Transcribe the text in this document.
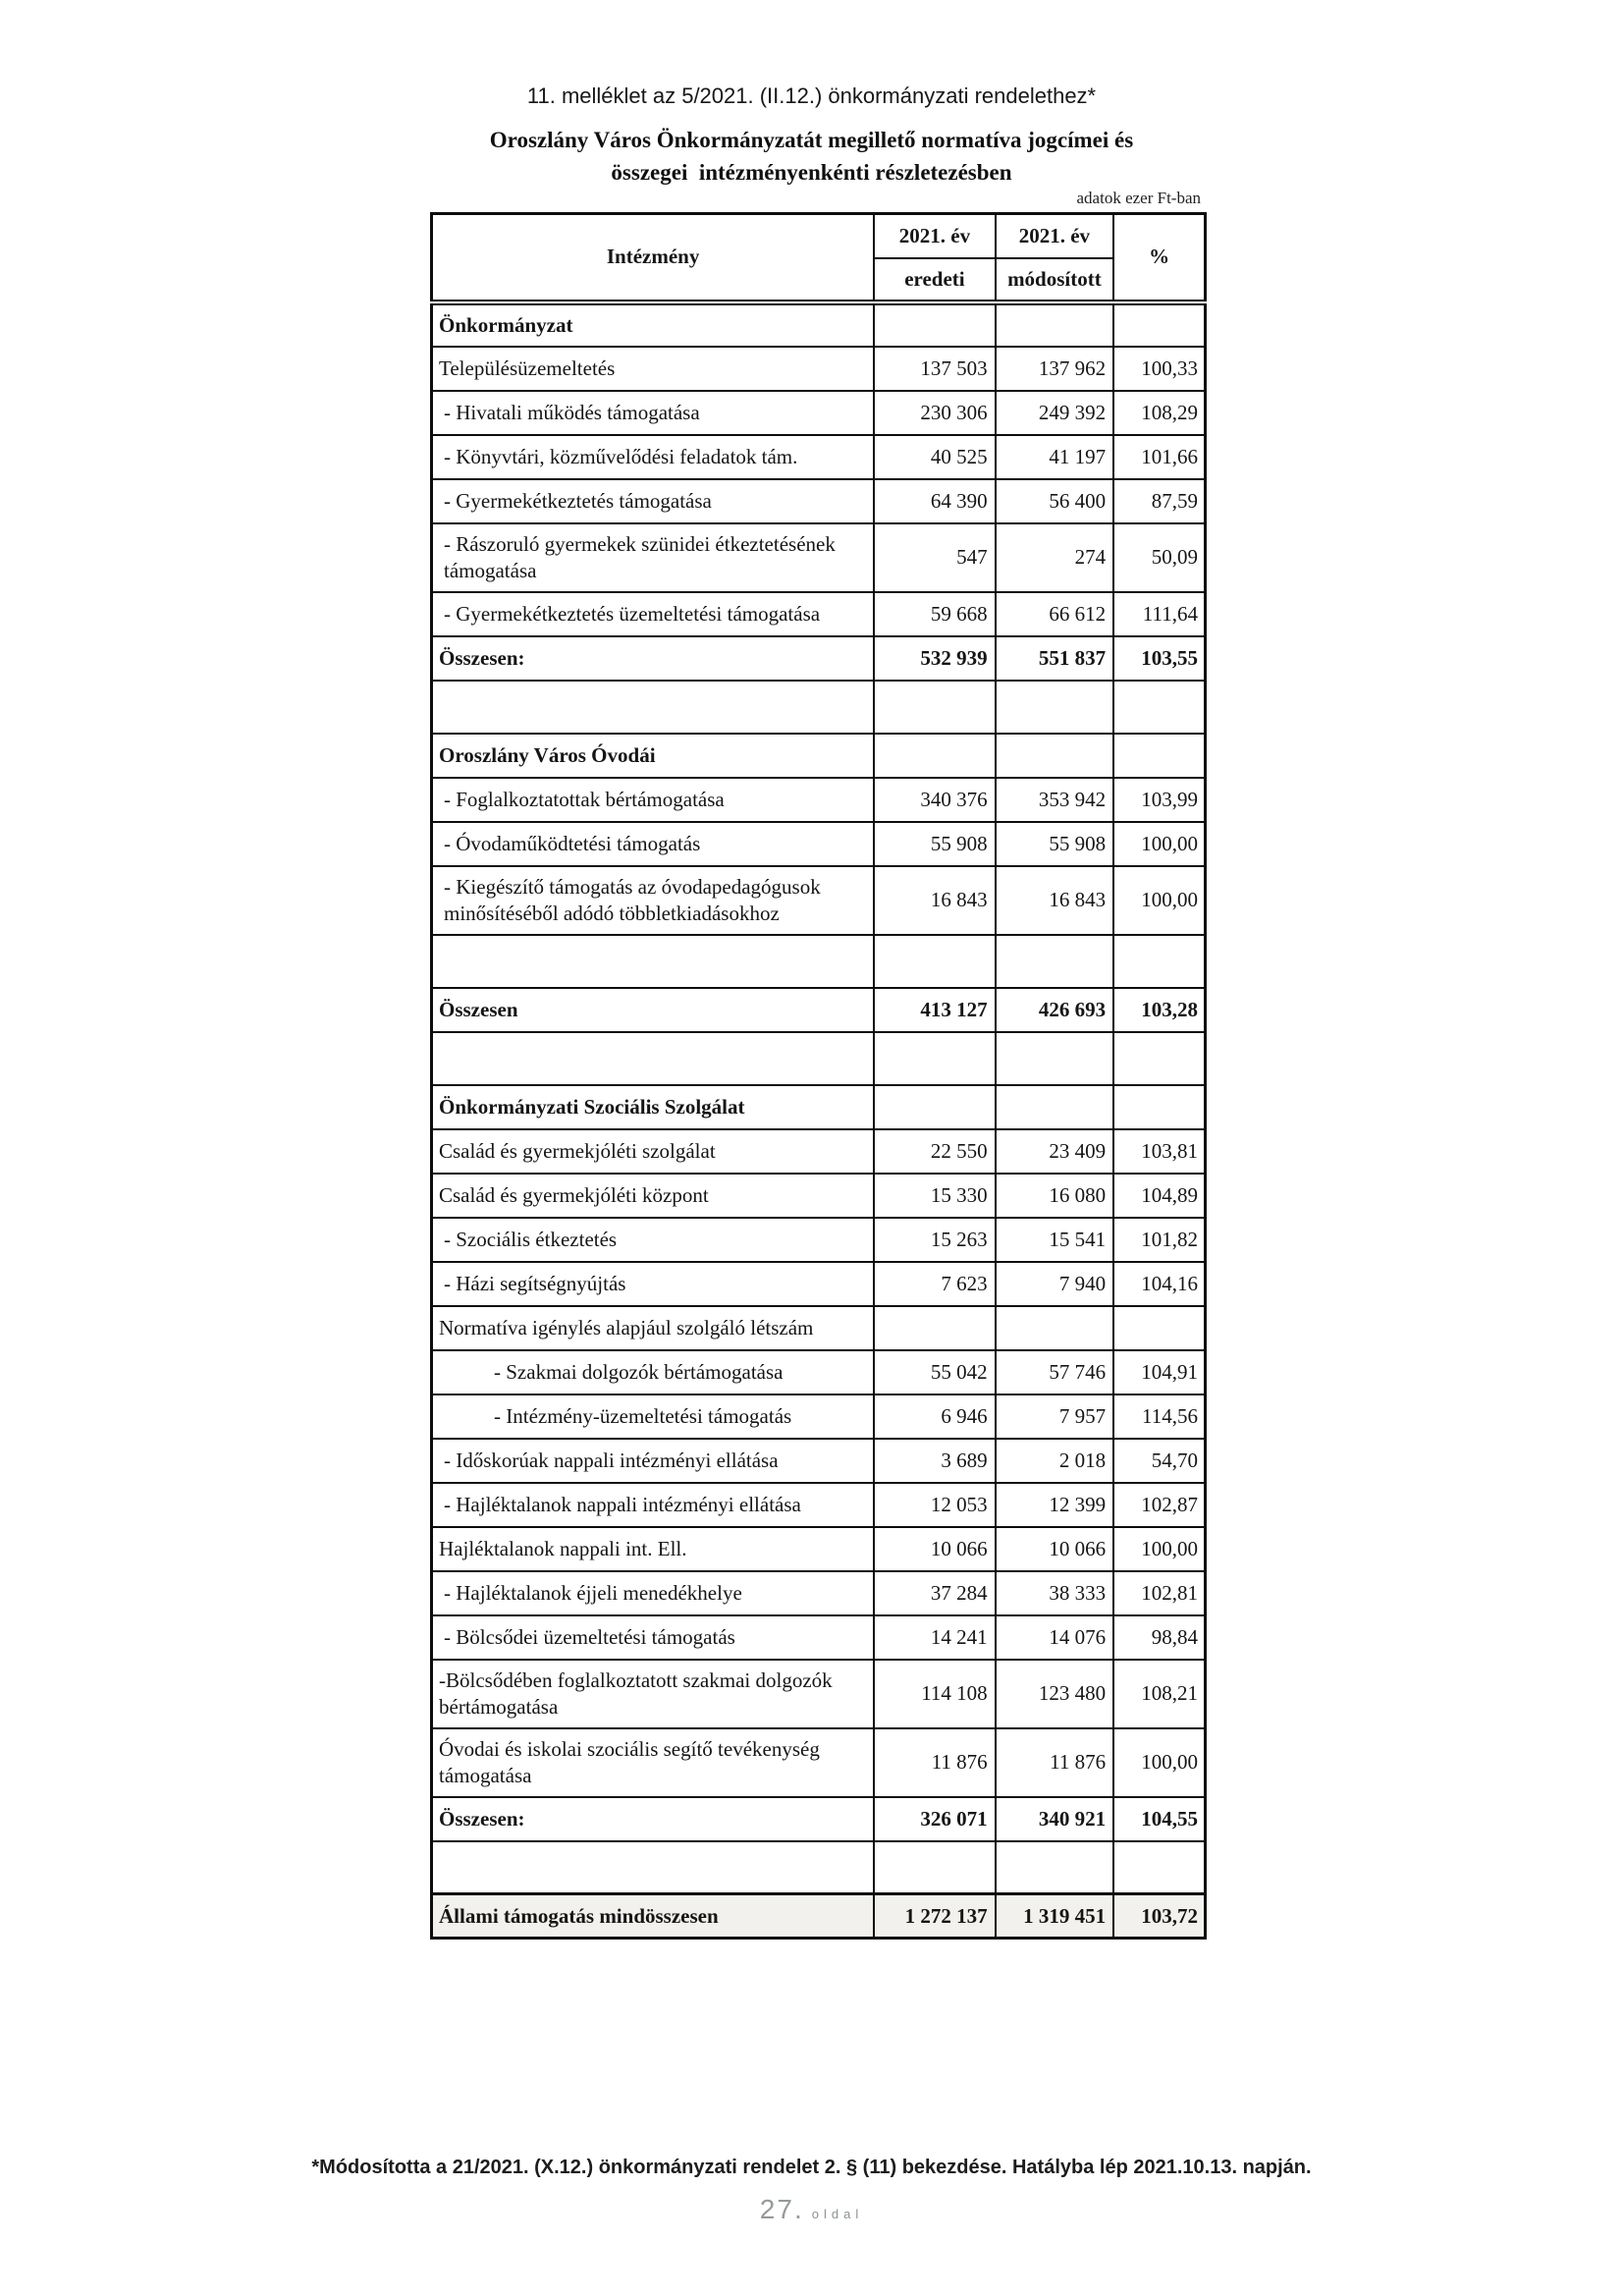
11. melléklet az 5/2021. (II.12.) önkormányzati rendelethez*
Oroszlány Város Önkormányzatát megillető normatíva jogcímei és
összegei  intézményenkénti részletezésben
adatok ezer Ft-ban
Intézmény	2021. év	2021. év	%
	eredeti	módosított	
Önkormányzat			
Településüzemeltetés	137 503	137 962	100,33
- Hivatali működés támogatása	230 306	249 392	108,29
- Könyvtári, közművelődési feladatok tám.	40 525	41 197	101,66
- Gyermekétkeztetés támogatása	64 390	56 400	87,59
- Rászoruló gyermekek szünidei étkeztetésének támogatása	547	274	50,09
- Gyermekétkeztetés üzemeltetési támogatása	59 668	66 612	111,64
Összesen:	532 939	551 837	103,55

Oroszlány Város Óvodái			
- Foglalkoztatottak bértámogatása	340 376	353 942	103,99
- Óvodaműködtetési támogatás	55 908	55 908	100,00
- Kiegészítő támogatás az óvodapedagógusok minősítéséből adódó többletkiadásokhoz	16 843	16 843	100,00

Összesen	413 127	426 693	103,28

Önkormányzati Szociális Szolgálat			
Család és gyermekjóléti szolgálat	22 550	23 409	103,81
Család és gyermekjóléti központ	15 330	16 080	104,89
- Szociális étkeztetés	15 263	15 541	101,82
- Házi segítségnyújtás	7 623	7 940	104,16
Normatíva igénylés alapjául szolgáló létszám			
- Szakmai dolgozók bértámogatása	55 042	57 746	104,91
- Intézmény-üzemeltetési támogatás	6 946	7 957	114,56
- Időskorúak nappali intézményi ellátása	3 689	2 018	54,70
- Hajléktalanok nappali intézményi ellátása	12 053	12 399	102,87
Hajléktalanok nappali int. Ell.	10 066	10 066	100,00
- Hajléktalanok éjjeli menedékhelye	37 284	38 333	102,81
- Bölcsődei üzemeltetési támogatás	14 241	14 076	98,84
-Bölcsődében foglalkoztatott szakmai dolgozók bértámogatása	114 108	123 480	108,21
Óvodai és iskolai szociális segítő tevékenység támogatása	11 876	11 876	100,00
Összesen:	326 071	340 921	104,55

Állami támogatás mindösszesen	1 272 137	1 319 451	103,72
*Módosította a 21/2021. (X.12.) önkormányzati rendelet 2. § (11) bekezdése. Hatályba lép 2021.10.13. napján.
27. oldal
